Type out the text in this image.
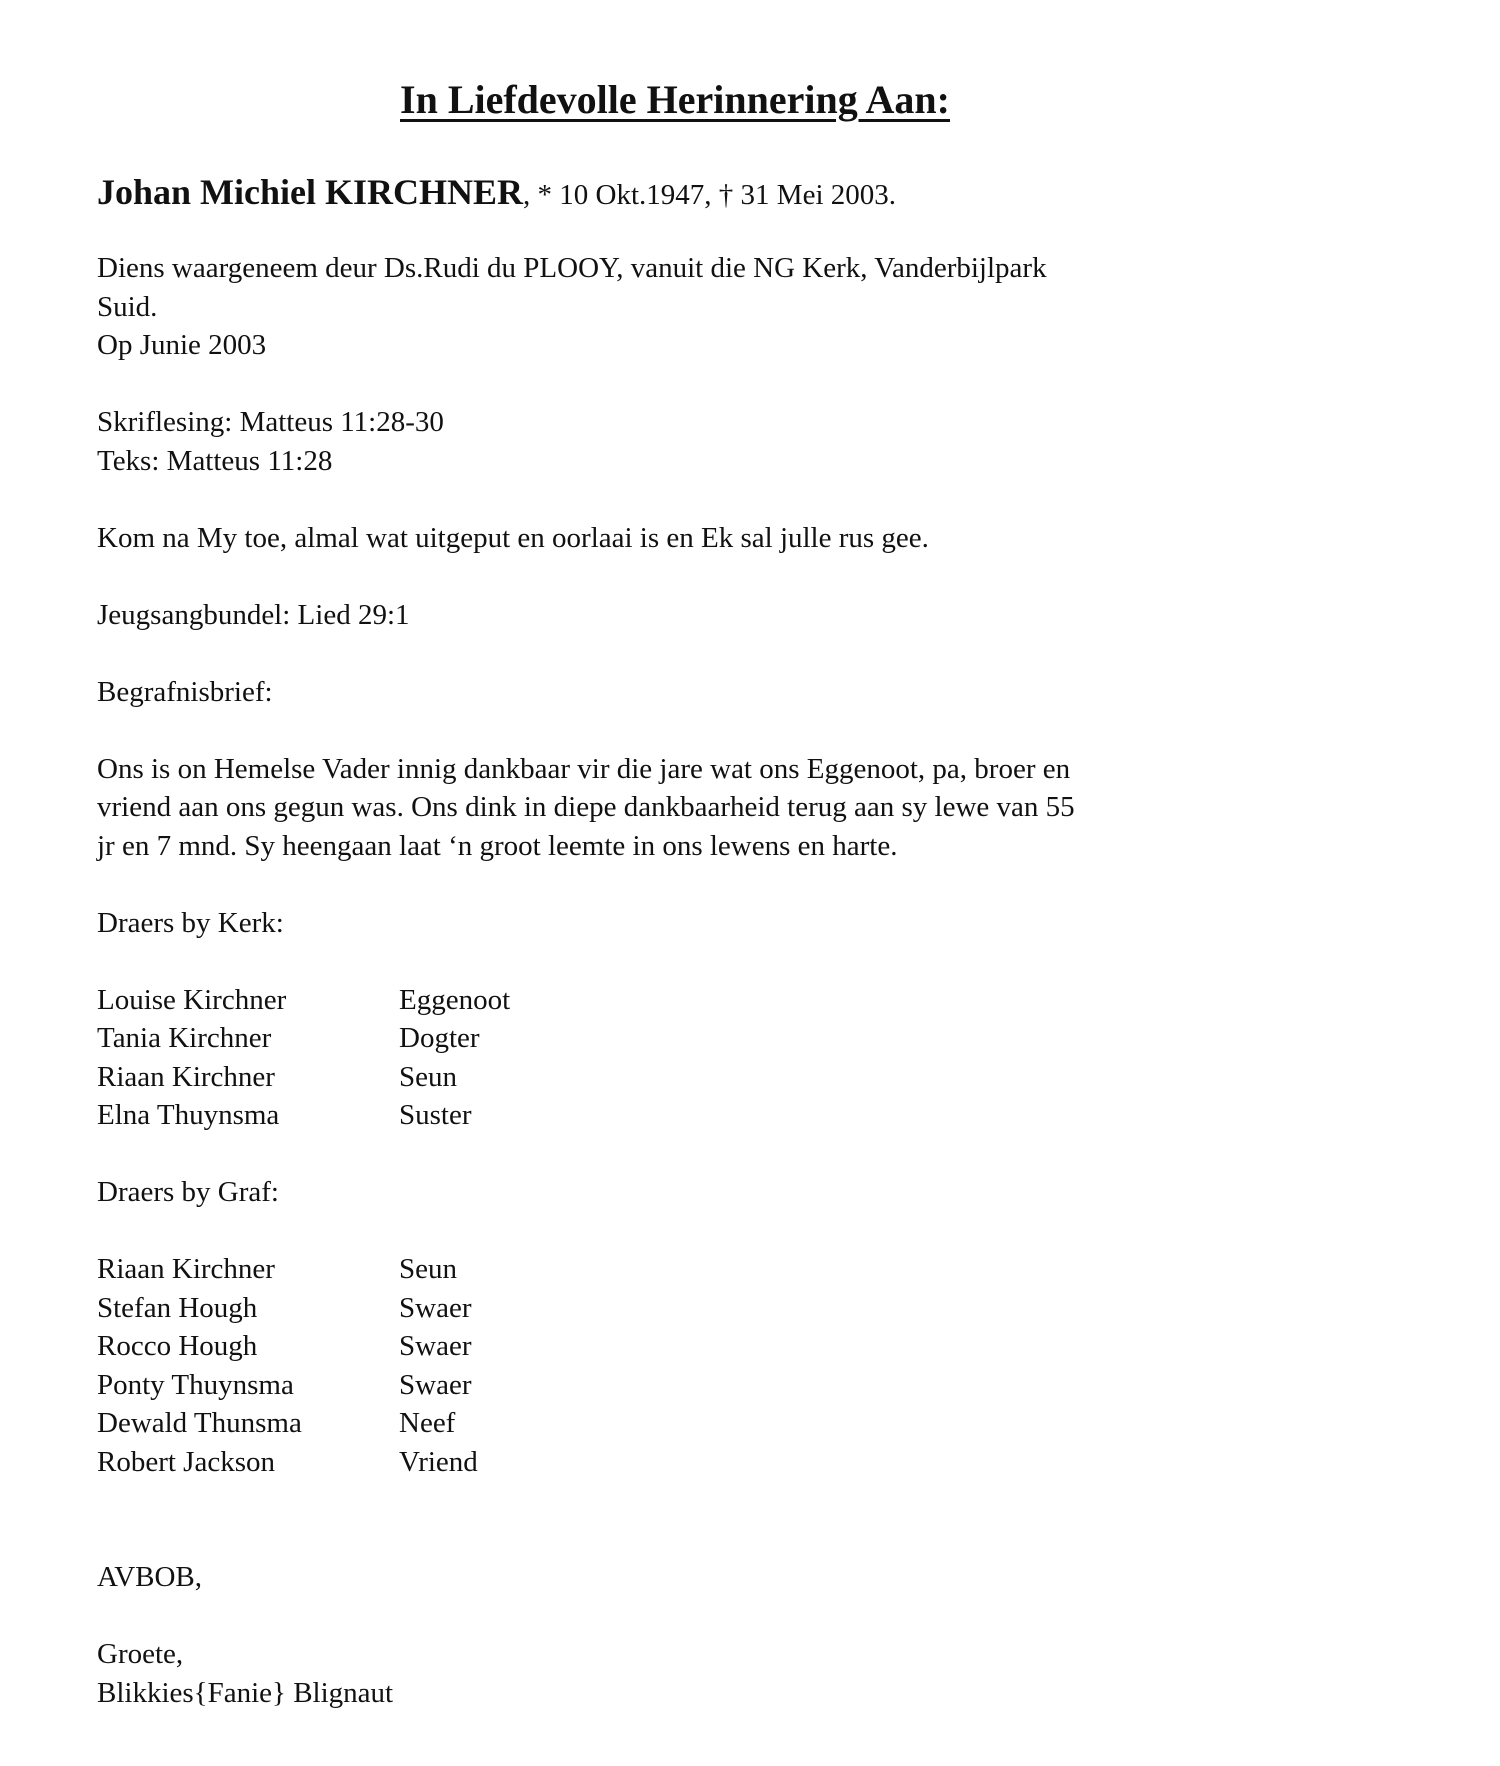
In Liefdevolle Herinnering Aan:
Johan Michiel KIRCHNER, * 10 Okt.1947, † 31 Mei 2003.
Diens waargeneem deur Ds.Rudi du PLOOY, vanuit die NG Kerk, Vanderbijlpark
Suid.
Op Junie 2003
Skriflesing: Matteus 11:28-30
Teks: Matteus 11:28
Kom na My toe, almal wat uitgeput en oorlaai is en Ek sal julle rus gee.
Jeugsangbundel: Lied 29:1
Begrafnisbrief:
Ons is on Hemelse Vader innig dankbaar vir die jare wat ons Eggenoot, pa, broer en
vriend aan ons gegun was. Ons dink in diepe dankbaarheid terug aan sy lewe van 55
jr en 7 mnd. Sy heengaan laat ‘n groot leemte in ons lewens en harte.
Draers by Kerk:
Louise Kirchner	Eggenoot
Tania Kirchner	Dogter
Riaan Kirchner	Seun
Elna Thuynsma	Suster
Draers by Graf:
Riaan Kirchner	Seun
Stefan Hough	Swaer
Rocco Hough	Swaer
Ponty Thuynsma	Swaer
Dewald Thunsma	Neef
Robert Jackson	Vriend
AVBOB,
Groete,
Blikkies{Fanie} Blignaut
